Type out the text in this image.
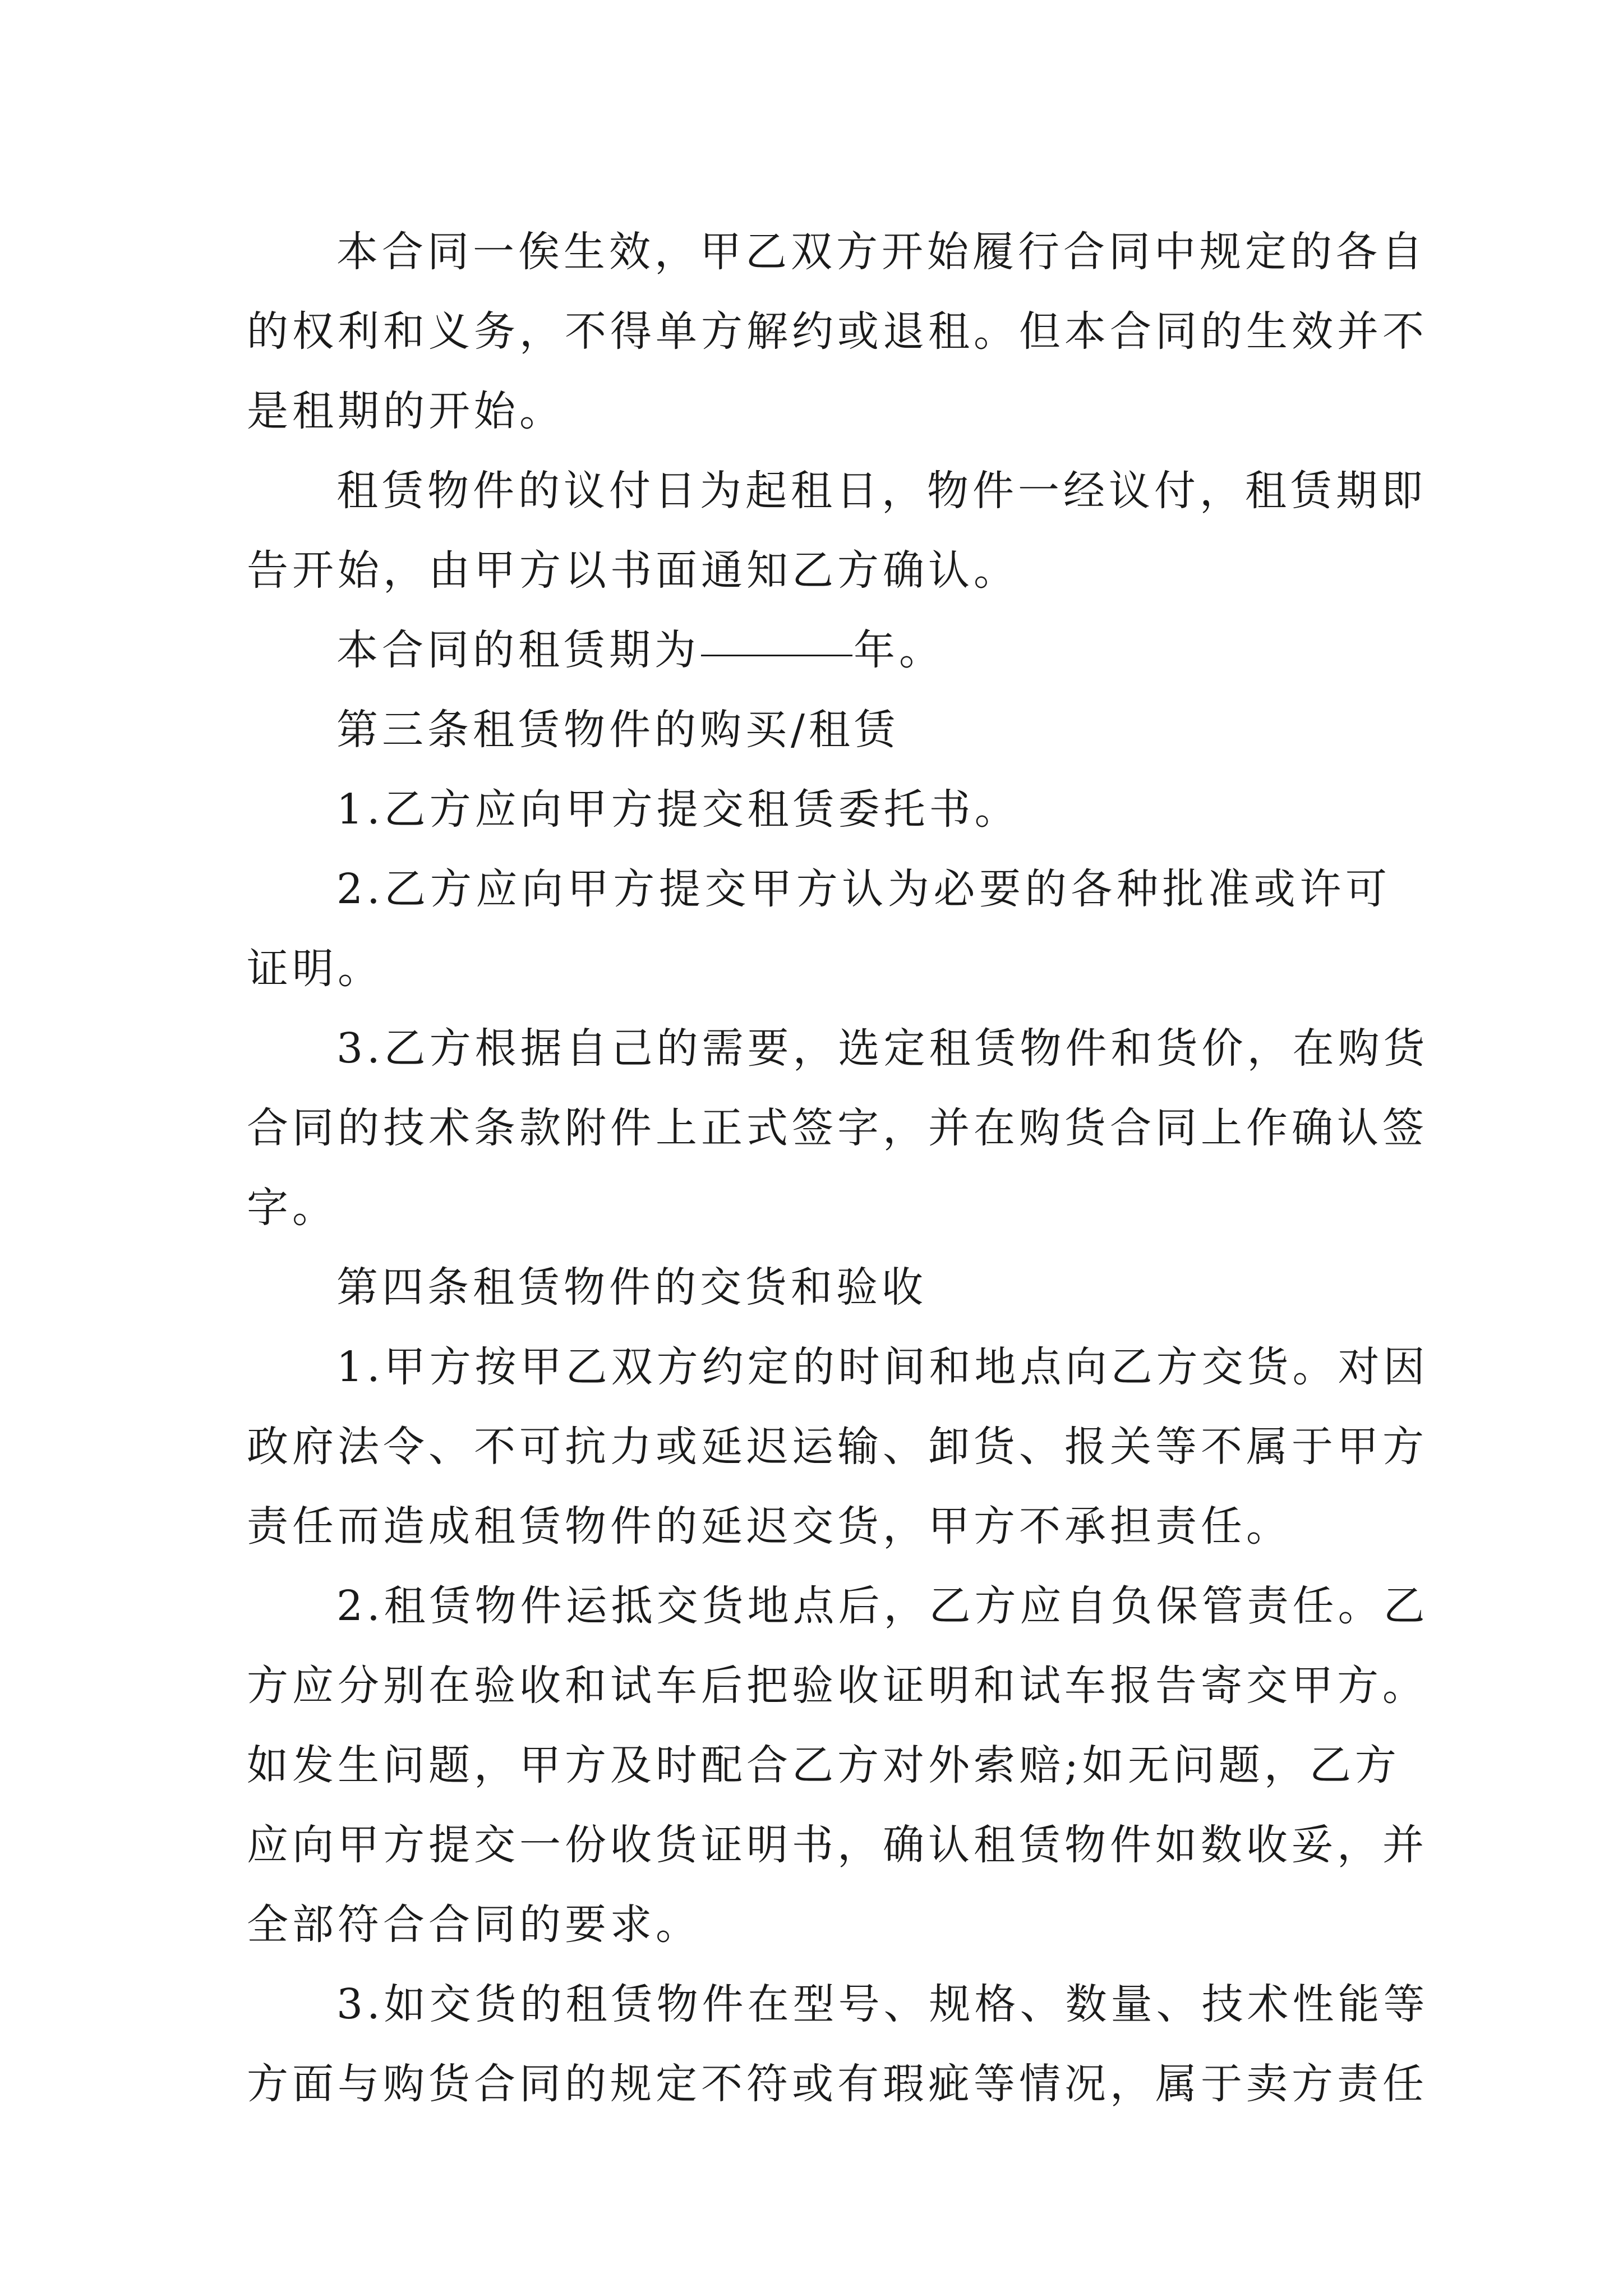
本合同一俟生效，甲乙双方开始履行合同中规定的各自
的权利和义务，不得单方解约或退租。但本合同的生效并不
是租期的开始。
租赁物件的议付日为起租日，物件一经议付，租赁期即
告开始，由甲方以书面通知乙方确认。
本合同的租赁期为	年。
第三条租赁物件的购买/租赁
1.乙方应向甲方提交租赁委托书。
2.乙方应向甲方提交甲方认为必要的各种批准或许可
证明。
3.乙方根据自己的需要，选定租赁物件和货价，在购货
合同的技术条款附件上正式签字，并在购货合同上作确认签
字。
第四条租赁物件的交货和验收
1.甲方按甲乙双方约定的时间和地点向乙方交货。对因
政府法令、不可抗力或延迟运输、卸货、报关等不属于甲方
责任而造成租赁物件的延迟交货，甲方不承担责任。
2.租赁物件运抵交货地点后，乙方应自负保管责任。乙
方应分别在验收和试车后把验收证明和试车报告寄交甲方。
如发生问题，甲方及时配合乙方对外索赔;如无问题，乙方
应向甲方提交一份收货证明书，确认租赁物件如数收妥，并
全部符合合同的要求。
3.如交货的租赁物件在型号、规格、数量、技术性能等
方面与购货合同的规定不符或有瑕疵等情况，属于卖方责任
